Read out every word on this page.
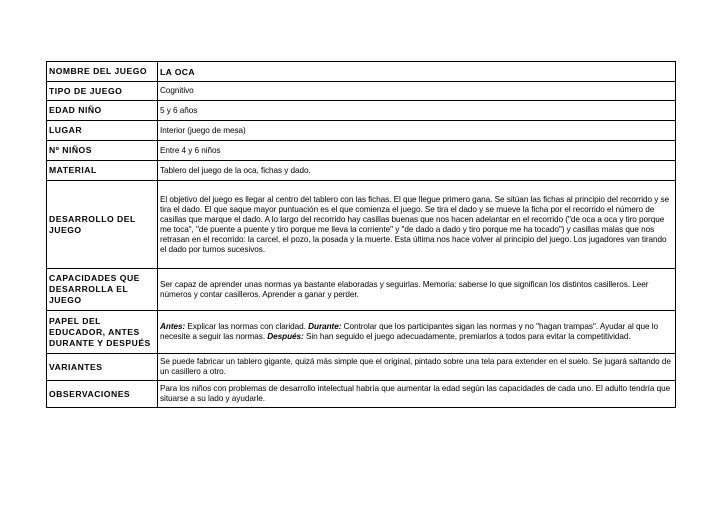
NOMBRE DEL JUEGO	LA OCA
TIPO DE JUEGO	Cognitivo
EDAD NIÑO	5 y 6 años
LUGAR	Interior (juego de mesa)
Nº NIÑOS	Entre 4 y 6 niños
MATERIAL	Tablero del juego de la oca, fichas y dado.
DESARROLLO DEL JUEGO	El objetivo del juego es llegar al centro del tablero con las fichas. El que llegue primero gana. Se sitúan las fichas al principio del recorrido y se tira el dado. El que saque mayor puntuación es el que comienza el juego. Se tira el dado y se mueve la ficha por el recorrido el número de casillas que marque el dado. A lo largo del recorrido hay casillas buenas que nos hacen adelantar en el recorrido ("de oca a oca y tiro porque me toca", "de puente a puente y tiro porque me lleva la corriente" y "de dado a dado y tiro porque me ha tocado") y casillas malas que nos retrasan en el recorrido: la carcel, el pozo, la posada y la muerte. Esta última nos hace volver al principio del juego. Los jugadores van tirando el dado por turnos sucesivos.
CAPACIDADES QUE DESARROLLA EL JUEGO	Ser capaz de aprender unas normas ya bastante elaboradas y seguirlas. Memoria: saberse lo que significan los distintos casilleros. Leer números y contar casilleros. Aprender a ganar y perder.
PAPEL DEL EDUCADOR, ANTES DURANTE Y DESPUÉS	Antes: Explicar las normas con claridad. Durante: Controlar que los participantes sigan las normas y no "hagan trampas". Ayudar al que lo necesite a seguir las normas. Después: Sin han seguido el juego adecuadamente, premiarlos a todos para evitar la competitividad.
VARIANTES	Se puede fabricar un tablero gigante, quizá más simple que el original, pintado sobre una tela para extender en el suelo. Se jugará saltando de un casillero a otro.
OBSERVACIONES	Para los niños con problemas de desarrollo intelectual habría que aumentar la edad según las capacidades de cada uno. El adulto tendría que situarse a su lado y ayudarle.
